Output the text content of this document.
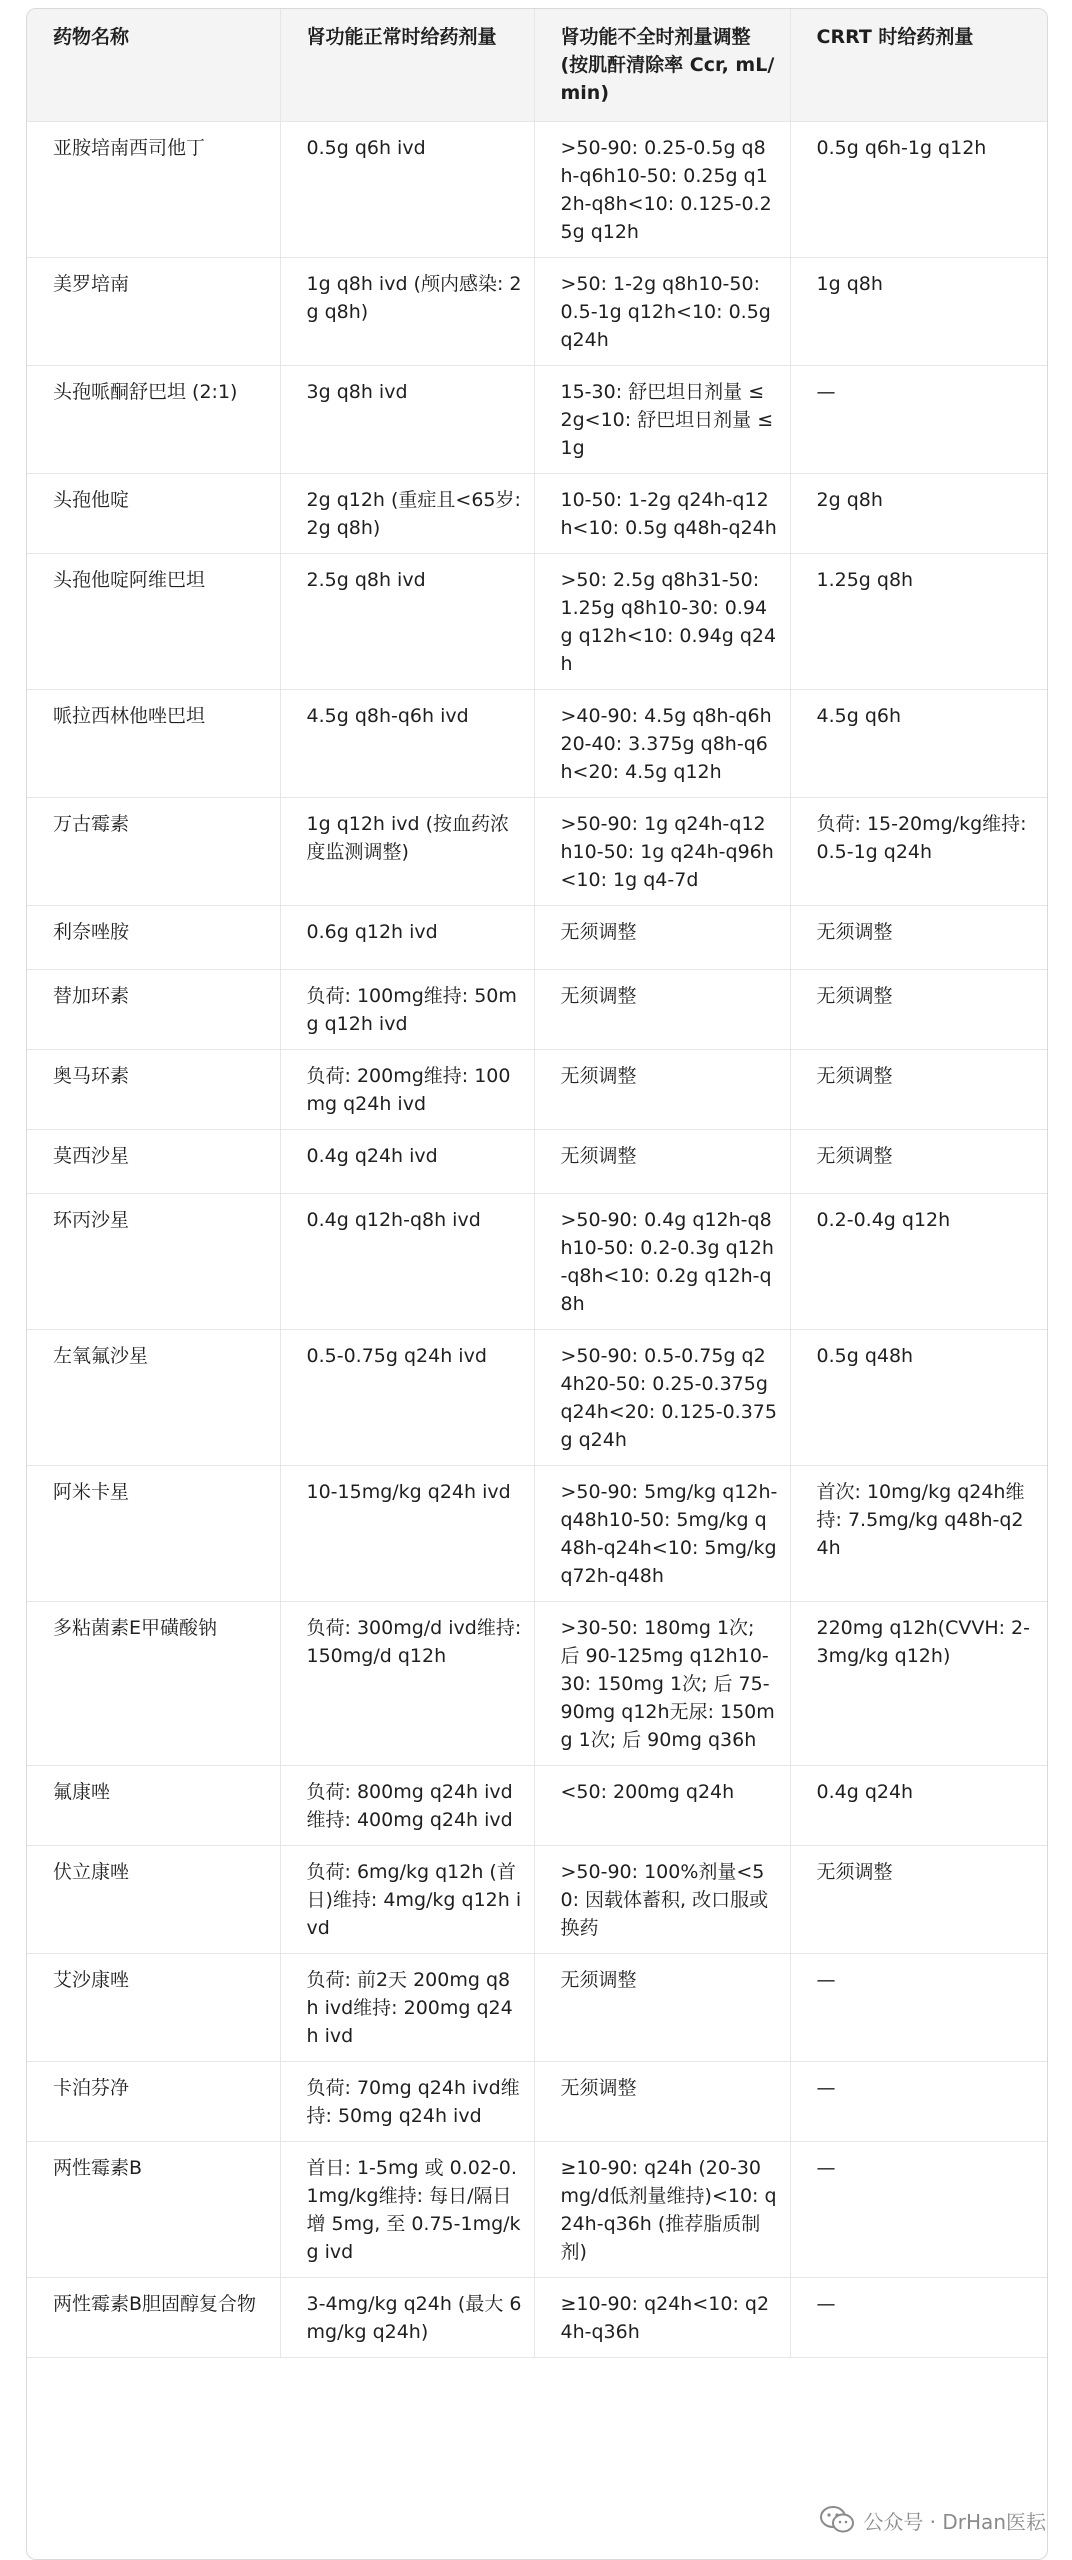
药物名称	肾功能正常时给药剂量	肾功能不全时剂量调整 (按肌酐清除率 Ccr, mL/min)	CRRT 时给药剂量
亚胺培南西司他丁	0.5g q6h ivd	>50-90: 0.25-0.5g q8h-q6h10-50: 0.25g q12h-q8h<10: 0.125-0.25g q12h	0.5g q6h-1g q12h
美罗培南	1g q8h ivd (颅内感染: 2g q8h)	>50: 1-2g q8h10-50: 0.5-1g q12h<10: 0.5g q24h	1g q8h
头孢哌酮舒巴坦 (2:1)	3g q8h ivd	15-30: 舒巴坦日剂量 ≤ 2g<10: 舒巴坦日剂量 ≤ 1g	—
头孢他啶	2g q12h (重症且<65岁: 2g q8h)	10-50: 1-2g q24h-q12h<10: 0.5g q48h-q24h	2g q8h
头孢他啶阿维巴坦	2.5g q8h ivd	>50: 2.5g q8h31-50: 1.25g q8h10-30: 0.94g q12h<10: 0.94g q24h	1.25g q8h
哌拉西林他唑巴坦	4.5g q8h-q6h ivd	>40-90: 4.5g q8h-q6h20-40: 3.375g q8h-q6h<20: 4.5g q12h	4.5g q6h
万古霉素	1g q12h ivd (按血药浓度监测调整)	>50-90: 1g q24h-q12h10-50: 1g q24h-q96h<10: 1g q4-7d	负荷: 15-20mg/kg维持: 0.5-1g q24h
利奈唑胺	0.6g q12h ivd	无须调整	无须调整
替加环素	负荷: 100mg维持: 50mg q12h ivd	无须调整	无须调整
奥马环素	负荷: 200mg维持: 100mg q24h ivd	无须调整	无须调整
莫西沙星	0.4g q24h ivd	无须调整	无须调整
环丙沙星	0.4g q12h-q8h ivd	>50-90: 0.4g q12h-q8h10-50: 0.2-0.3g q12h-q8h<10: 0.2g q12h-q8h	0.2-0.4g q12h
左氧氟沙星	0.5-0.75g q24h ivd	>50-90: 0.5-0.75g q24h20-50: 0.25-0.375g q24h<20: 0.125-0.375g q24h	0.5g q48h
阿米卡星	10-15mg/kg q24h ivd	>50-90: 5mg/kg q12h-q48h10-50: 5mg/kg q48h-q24h<10: 5mg/kg q72h-q48h	首次: 10mg/kg q24h维持: 7.5mg/kg q48h-q24h
多粘菌素E甲磺酸钠	负荷: 300mg/d ivd维持: 150mg/d q12h	>30-50: 180mg 1次; 后 90-125mg q12h10-30: 150mg 1次; 后 75-90mg q12h无尿: 150mg 1次; 后 90mg q36h	220mg q12h(CVVH: 2-3mg/kg q12h)
氟康唑	负荷: 800mg q24h ivd维持: 400mg q24h ivd	<50: 200mg q24h	0.4g q24h
伏立康唑	负荷: 6mg/kg q12h (首日)维持: 4mg/kg q12h ivd	>50-90: 100%剂量<50: 因载体蓄积, 改口服或换药	无须调整
艾沙康唑	负荷: 前2天 200mg q8h ivd维持: 200mg q24h ivd	无须调整	—
卡泊芬净	负荷: 70mg q24h ivd维持: 50mg q24h ivd	无须调整	—
两性霉素B	首日: 1-5mg 或 0.02-0.1mg/kg维持: 每日/隔日增 5mg, 至 0.75-1mg/kg ivd	≥10-90: q24h (20-30mg/d低剂量维持)<10: q24h-q36h (推荐脂质制剂)	—
两性霉素B胆固醇复合物	3-4mg/kg q24h (最大 6mg/kg q24h)	≥10-90: q24h<10: q24h-q36h	—
公众号 · DrHan医耘
